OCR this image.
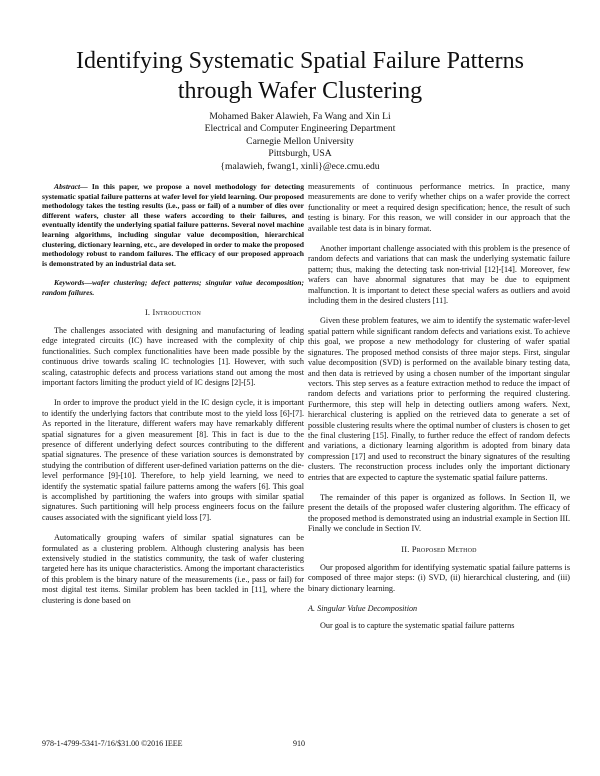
Identifying Systematic Spatial Failure Patterns
through Wafer Clustering
Mohamed Baker Alawieh, Fa Wang and Xin Li
Electrical and Computer Engineering Department
Carnegie Mellon University
Pittsburgh, USA
{malawieh, fwang1, xinli}@ece.cmu.edu

Abstract— In this paper, we propose a novel methodology for detecting systematic spatial failure patterns at wafer level for yield learning. Our proposed methodology takes the testing results (i.e., pass or fail) of a number of dies over different wafers, cluster all these wafers according to their failures, and eventually identify the underlying spatial failure patterns. Several novel machine learning algorithms, including singular value decomposition, hierarchical clustering, dictionary learning, etc., are developed in order to make the proposed methodology robust to random failures. The efficacy of our proposed approach is demonstrated by an industrial data set.

Keywords—wafer clustering; defect patterns; singular value decomposition; random failures.

I. Introduction

The challenges associated with designing and manufacturing of leading edge integrated circuits (IC) have increased with the complexity of chip functionalities. Such complex functionalities have been made possible by the continuous drive towards scaling IC technologies [1]. However, with such scaling, catastrophic defects and process variations stand out among the most important factors limiting the product yield of IC designs [2]-[5].

In order to improve the product yield in the IC design cycle, it is important to identify the underlying factors that contribute most to the yield loss [6]-[7]. As reported in the literature, different wafers may have remarkably different spatial signatures for a given measurement [8]. This in fact is due to the presence of different underlying defect sources contributing to the different spatial signatures. The presence of these variation sources is demonstrated by studying the contribution of different user-defined variation patterns on the die-level performance [9]-[10]. Therefore, to help yield learning, we need to identify the systematic spatial failure patterns among the wafers [6]. This goal is accomplished by partitioning the wafers into groups with similar spatial signatures. Such partitioning will help process engineers focus on the failure causes associated with the significant yield loss [7].

Automatically grouping wafers of similar spatial signatures can be formulated as a clustering problem. Although clustering analysis has been extensively studied in the statistics community, the task of wafer clustering targeted here has its unique characteristics. Among the important characteristics of this problem is the binary nature of the measurements (i.e., pass or fail) for most digital test items. Similar problem has been tackled in [11], where the clustering is done based on

measurements of continuous performance metrics. In practice, many measurements are done to verify whether chips on a wafer provide the correct functionality or meet a required design specification; hence, the result of such testing is binary. For this reason, we will consider in our approach that the available test data is in binary format.

Another important challenge associated with this problem is the presence of random defects and variations that can mask the underlying systematic failure pattern; thus, making the detecting task non-trivial [12]-[14]. Moreover, few wafers can have abnormal signatures that may be due to equipment malfunction. It is important to detect these special wafers as outliers and avoid including them in the desired clusters [11].

Given these problem features, we aim to identify the systematic wafer-level spatial pattern while significant random defects and variations exist. To achieve this goal, we propose a new methodology for clustering of wafer spatial signatures. The proposed method consists of three major steps. First, singular value decomposition (SVD) is performed on the available binary testing data, and then data is retrieved by using a chosen number of the important singular vectors. This step serves as a feature extraction method to reduce the impact of random defects and variations prior to performing the required clustering. Furthermore, this step will help in detecting outliers among wafers. Next, hierarchical clustering is applied on the retrieved data to generate a set of possible clustering results where the optimal number of clusters is chosen to get the final clustering [15]. Finally, to further reduce the effect of random defects and variations, a dictionary learning algorithm is adopted from binary data compression [17] and used to reconstruct the binary signatures of the resulting clusters. The reconstruction process includes only the important dictionary entries that are expected to capture the systematic spatial failure patterns.

The remainder of this paper is organized as follows. In Section II, we present the details of the proposed wafer clustering algorithm. The efficacy of the proposed method is demonstrated using an industrial example in Section III. Finally we conclude in Section IV.

II. Proposed Method

Our proposed algorithm for identifying systematic spatial failure patterns is composed of three major steps: (i) SVD, (ii) hierarchical clustering, and (iii) binary dictionary learning.

A. Singular Value Decomposition

Our goal is to capture the systematic spatial failure patterns

978-1-4799-5341-7/16/$31.00 ©2016 IEEE	910
